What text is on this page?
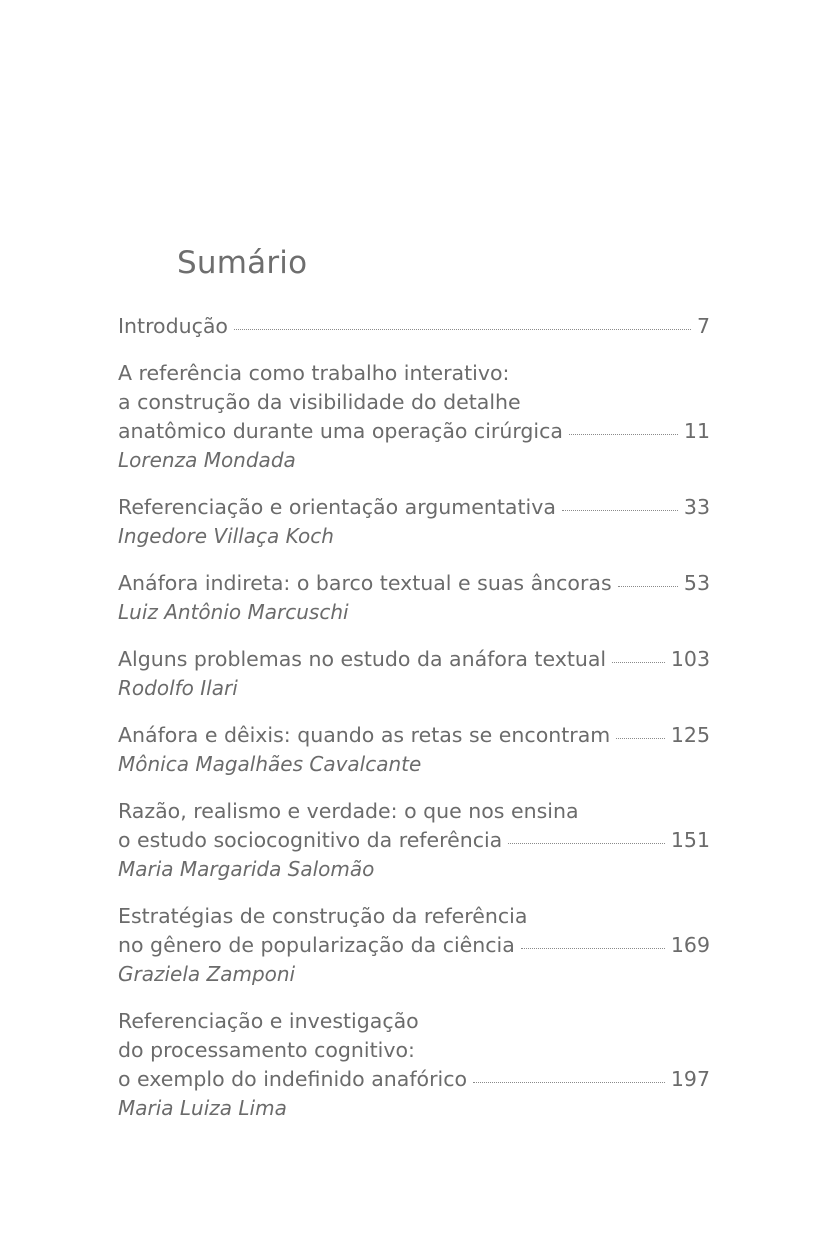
Sumário
Introdução	7
A referência como trabalho interativo:
a construção da visibilidade do detalhe
anatômico durante uma operação cirúrgica	11
Lorenza Mondada
Referenciação e orientação argumentativa	33
Ingedore Villaça Koch
Anáfora indireta: o barco textual e suas âncoras	53
Luiz Antônio Marcuschi
Alguns problemas no estudo da anáfora textual	103
Rodolfo Ilari
Anáfora e dêixis: quando as retas se encontram	125
Mônica Magalhães Cavalcante
Razão, realismo e verdade: o que nos ensina
o estudo sociocognitivo da referência	151
Maria Margarida Salomão
Estratégias de construção da referência
no gênero de popularização da ciência	169
Graziela Zamponi
Referenciação e investigação
do processamento cognitivo:
o exemplo do indefinido anafórico	197
Maria Luiza Lima
